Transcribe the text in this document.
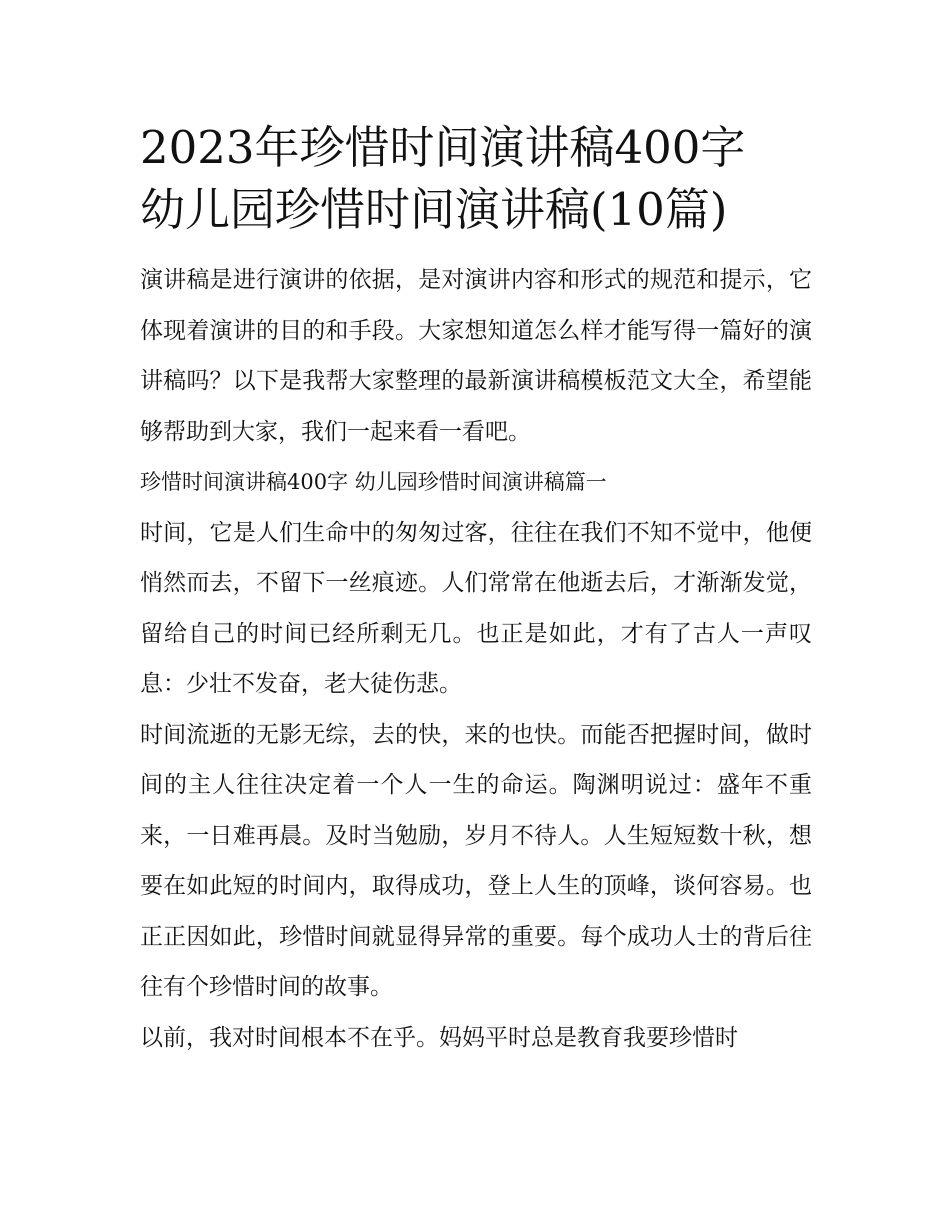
2023年珍惜时间演讲稿400字
幼儿园珍惜时间演讲稿(10篇)

演讲稿是进行演讲的依据，是对演讲内容和形式的规范和提示，它体现着演讲的目的和手段。大家想知道怎么样才能写得一篇好的演讲稿吗？以下是我帮大家整理的最新演讲稿模板范文大全，希望能够帮助到大家，我们一起来看一看吧。

珍惜时间演讲稿400字 幼儿园珍惜时间演讲稿篇一

时间，它是人们生命中的匆匆过客，往往在我们不知不觉中，他便悄然而去，不留下一丝痕迹。人们常常在他逝去后，才渐渐发觉，留给自己的时间已经所剩无几。也正是如此，才有了古人一声叹息：少壮不发奋，老大徒伤悲。

时间流逝的无影无综，去的快，来的也快。而能否把握时间，做时间的主人往往决定着一个人一生的命运。陶渊明说过：盛年不重来，一日难再晨。及时当勉励，岁月不待人。人生短短数十秋，想要在如此短的时间内，取得成功，登上人生的顶峰，谈何容易。也正正因如此，珍惜时间就显得异常的重要。每个成功人士的背后往往有个珍惜时间的故事。

以前，我对时间根本不在乎。妈妈平时总是教育我要珍惜时
